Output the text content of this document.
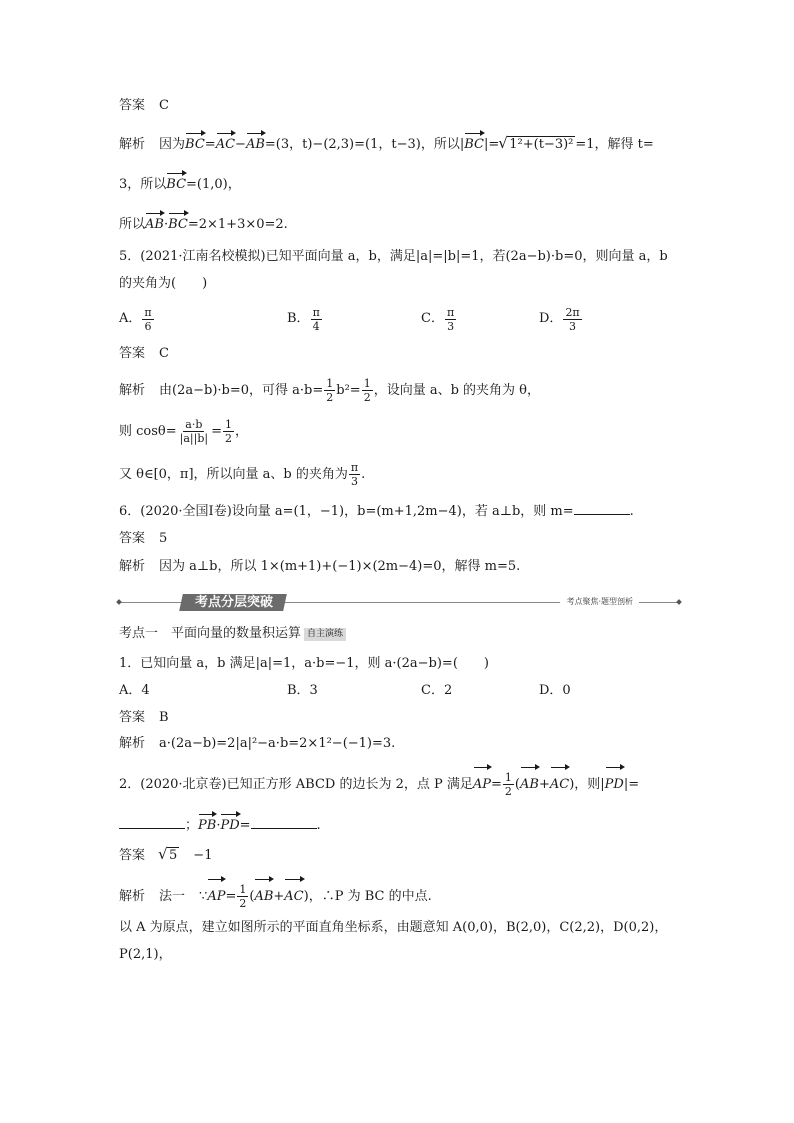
答案 C
解析 因为BC=AC−AB=(3，t)−(2,3)=(1，t−3)，所以|BC|= √ 1²+(t−3)² =1，解得 t=
3，所以BC=(1,0)，
所以AB·BC=2×1+3×0=2.
5．(2021·江南名校模拟)已知平面向量 a，b，满足|a|=|b|=1，若(2a−b)·b=0，则向量 a，b
的夹角为(　　)
A． $\frac{\pi}{6}$	B． $\frac{\pi}{4}$	C． $\frac{\pi}{3}$	D． $\frac{2\pi}{3}$
答案 C
解析 由(2a−b)·b=0，可得 $a\cdot b= \frac{1}{2} b^2= \frac{1}{2}$ ，设向量 a、b 的夹角为 θ，
则 $\cos\theta= \frac{a\cdot b}{|a||b|} = \frac{1}{2}$ ，
又 θ∈[0，π]，所以向量 a、b 的夹角为 $\frac{\pi}{3}$ .
6．(2020·全国Ⅰ卷)设向量 a=(1，−1)，b=(m+1,2m−4)，若 a⊥b，则 m=	.
答案 5
解析 因为 a⊥b，所以 1×(m+1)+(−1)×(2m−4)=0，解得 m=5.
考点分层突破	考点聚焦·题型剖析
考点一　平面向量的数量积运算 自主演练
1．已知向量 a，b 满足|a|=1，a·b=−1，则 a·(2a−b)=(　　)
A．4	B．3	C．2	D．0
答案 B
解析 a·(2a−b)=2|a|²−a·b=2×1²−(−1)=3.
2．(2020·北京卷)已知正方形 ABCD 的边长为 2，点 P 满足$AP= \frac{1}{2} (AB+AC)$，则|PD|=
；PB·PD=	.
答案 √ 5 −1
解析 法一 ∵AP= $\frac{1}{2} (AB+AC)$，∴P 为 BC 的中点.
以 A 为原点，建立如图所示的平面直角坐标系，由题意知 A(0,0)，B(2,0)，C(2,2)，D(0,2)，
P(2,1)，
